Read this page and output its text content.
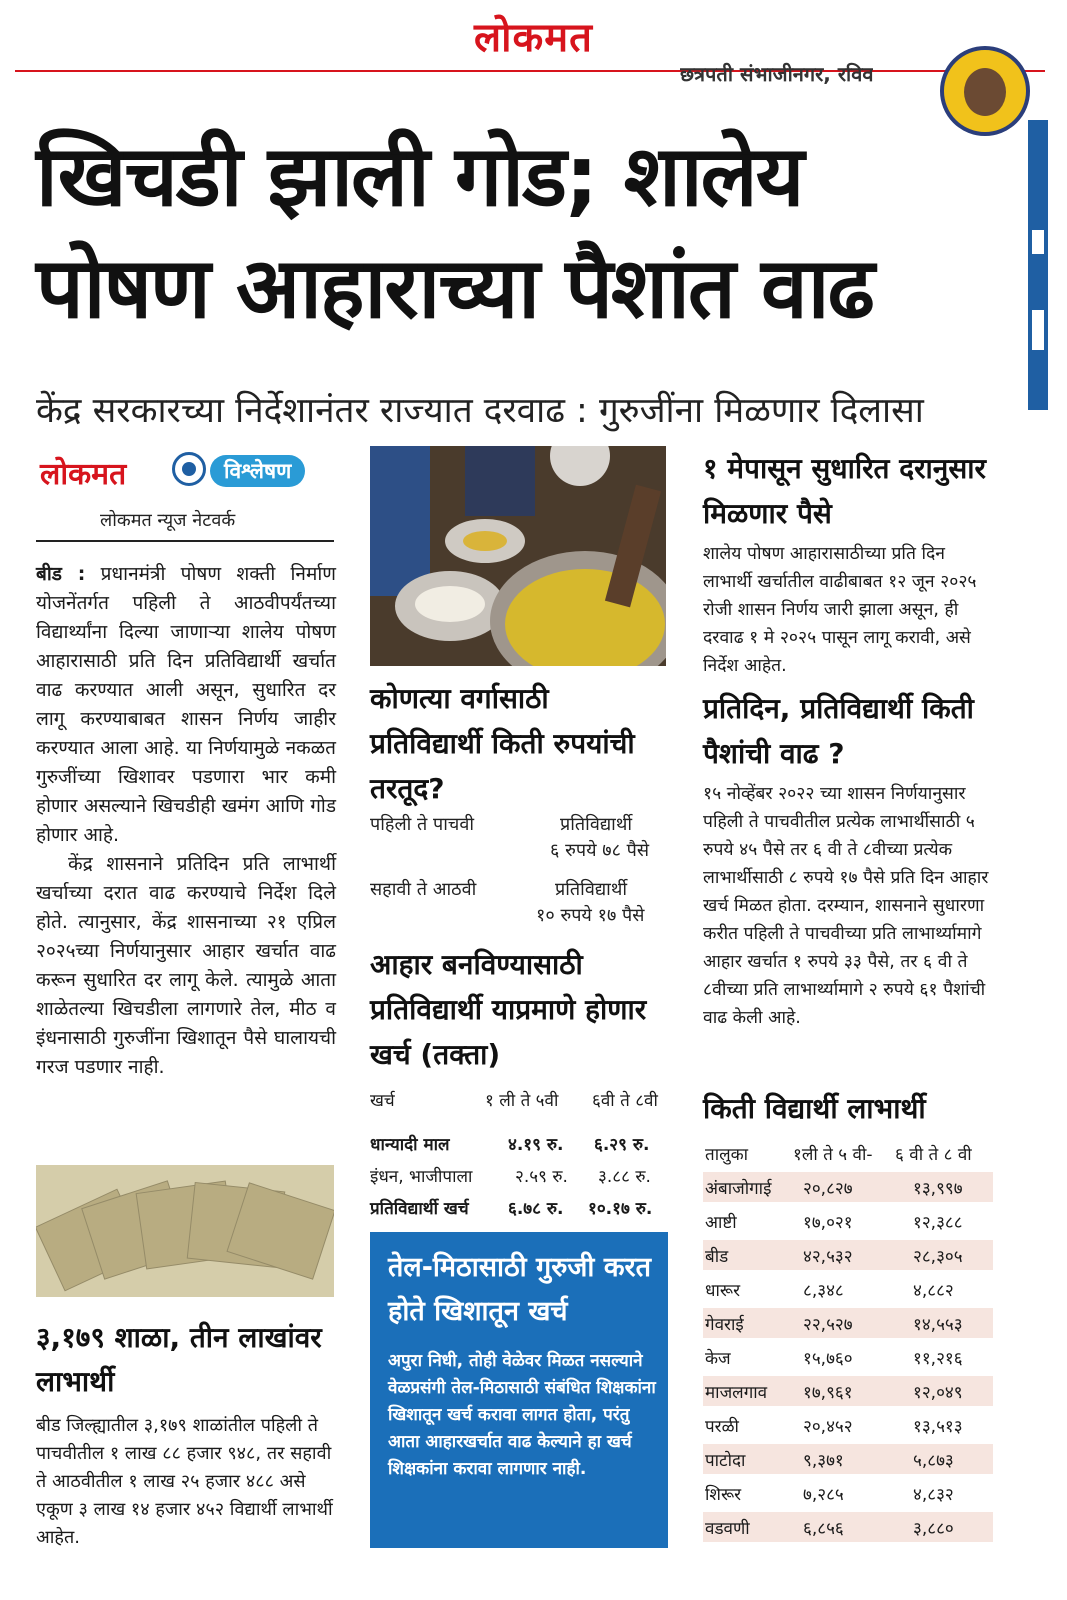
लोकमत
छत्रपती संभाजीनगर, रविव
खिचडी झाली गोड; शालेय
पोषण आहाराच्या पैशांत वाढ
केंद्र सरकारच्या निर्देशानंतर राज्यात दरवाढ : गुरुजींना मिळणार दिलासा
लोकमत	विश्लेषण
लोकमत न्यूज नेटवर्क

बीड : प्रधानमंत्री पोषण शक्ती निर्माण योजनेंतर्गत पहिली ते आठवीपर्यंतच्या विद्यार्थ्यांना दिल्या जाणाऱ्या शालेय पोषण आहारासाठी प्रति दिन प्रतिविद्यार्थी खर्चात वाढ करण्यात आली असून, सुधारित दर लागू करण्याबाबत शासन निर्णय जाहीर करण्यात आला आहे. या निर्णयामुळे नकळत गुरुजींच्या खिशावर पडणारा भार कमी होणार असल्याने खिचडीही खमंग आणि गोड होणार आहे.

केंद्र शासनाने प्रतिदिन प्रति लाभार्थी खर्चाच्या दरात वाढ करण्याचे निर्देश दिले होते. त्यानुसार, केंद्र शासनाच्या २१ एप्रिल २०२५च्या निर्णयानुसार आहार खर्चात वाढ करून सुधारित दर लागू केले. त्यामुळे आता शाळेतल्या खिचडीला लागणारे तेल, मीठ व इंधनासाठी गुरुजींना खिशातून पैसे घालायची गरज पडणार नाही.

३,१७९ शाळा, तीन लाखांवर लाभार्थी
बीड जिल्ह्यातील ३,१७९ शाळांतील पहिली ते पाचवीतील १ लाख ८८ हजार ९४८, तर सहावी ते आठवीतील १ लाख २५ हजार ४८८ असे एकूण ३ लाख १४ हजार ४५२ विद्यार्थी लाभार्थी आहेत.
कोणत्या वर्गासाठी प्रतिविद्यार्थी किती रुपयांची तरतूद?
पहिली ते पाचवी	प्रतिविद्यार्थी
६ रुपये ७८ पैसे
सहावी ते आठवी	प्रतिविद्यार्थी
१० रुपये १७ पैसे
आहार बनविण्यासाठी प्रतिविद्यार्थी याप्रमाणे होणार खर्च (तक्ता)
खर्च	१ ली ते ५वी ६वी ते ८वी
धान्यादी माल	४.१९ रु. ६.२९ रु.
इंधन, भाजीपाला	२.५९ रु. ३.८८ रु.
प्रतिविद्यार्थी खर्च ६.७८ रु. १०.१७ रु.
तेल-मिठासाठी गुरुजी करत होते खिशातून खर्च
अपुरा निधी, तोही वेळेवर मिळत नसल्याने वेळप्रसंगी तेल-मिठासाठी संबंधित शिक्षकांना खिशातून खर्च करावा लागत होता, परंतु आता आहारखर्चात वाढ केल्याने हा खर्च शिक्षकांना करावा लागणार नाही.
१ मेपासून सुधारित दरानुसार मिळणार पैसे
शालेय पोषण आहारासाठीच्या प्रति दिन लाभार्थी खर्चातील वाढीबाबत १२ जून २०२५ रोजी शासन निर्णय जारी झाला असून, ही दरवाढ १ मे २०२५ पासून लागू करावी, असे निर्देश आहेत.
प्रतिदिन, प्रतिविद्यार्थी किती पैशांची वाढ ?
१५ नोव्हेंबर २०२२ च्या शासन निर्णयानुसार पहिली ते पाचवीतील प्रत्येक लाभार्थीसाठी ५ रुपये ४५ पैसे तर ६ वी ते ८वीच्या प्रत्येक लाभार्थीसाठी ८ रुपये १७ पैसे प्रति दिन आहार खर्च मिळत होता. दरम्यान, शासनाने सुधारणा करीत पहिली ते पाचवीच्या प्रति लाभार्थ्यामागे आहार खर्चात १ रुपये ३३ पैसे, तर ६ वी ते ८वीच्या प्रति लाभार्थ्यामागे २ रुपये ६१ पैशांची वाढ केली आहे.
किती विद्यार्थी लाभार्थी
तालुका	१ली ते ५ वी- ६ वी ते ८ वी
अंबाजोगाई २०,८२७	१३,९९७
आष्टी	१७,०२१	१२,३८८
बीड	४२,५३२	२८,३०५
धारूर	८,३४८	४,८८२
गेवराई	२२,५२७	१४,५५३
केज	१५,७६०	११,२१६
माजलगाव १७,९६१	१२,०४९
परळी	२०,४५२	१३,५१३
पाटोदा	९,३७१	५,८७३
शिरूर	७,२८५	४,८३२
वडवणी	६,८५६	३,८८०
